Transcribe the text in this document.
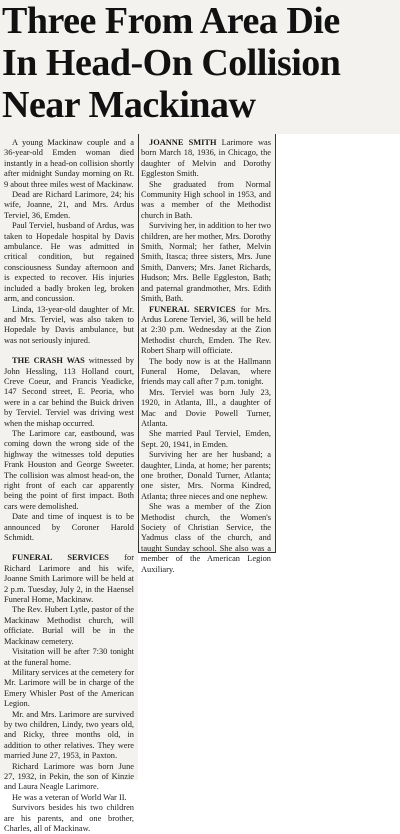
Three From Area Die
In Head-On Collision
Near Mackinaw

A young Mackinaw couple and a 36-year-old Emden woman died instantly in a head-on collision shortly after midnight Sunday morning on Rt. 9 about three miles west of Mackinaw.

Dead are Richard Larimore, 24; his wife, Joanne, 21, and Mrs. Ardus Terviel, 36, Emden.

Paul Terviel, husband of Ardus, was taken to Hopedale hospital by Davis ambulance. He was admitted in critical condition, but regained consciousness Sunday afternoon and is expected to recover. His injuries included a badly broken leg, broken arm, and concussion.

Linda, 13-year-old daughter of Mr. and Mrs. Terviel, was also taken to Hopedale by Davis ambulance, but was not seriously injured.

THE CRASH WAS witnessed by John Hessling, 113 Holland court, Creve Coeur, and Francis Yeadicke, 147 Second street, E. Peoria, who were in a car behind the Buick driven by Terviel. Terviel was driving west when the mishap occurred.

The Larimore car, eastbound, was coming down the wrong side of the highway the witnesses told deputies Frank Houston and George Sweeter. The collision was almost head-on, the right front of each car apparently being the point of first impact. Both cars were demolished.

Date and time of inquest is to be announced by Coroner Harold Schmidt.

FUNERAL SERVICES for Richard Larimore and his wife, Joanne Smith Larimore will be held at 2 p.m. Tuesday, July 2, in the Haensel Funeral Home, Mackinaw.

The Rev. Hubert Lytle, pastor of the Mackinaw Methodist church, will officiate. Burial will be in the Mackinaw cemetery.

Visitation will be after 7:30 tonight at the funeral home.

Military services at the cemetery for Mr. Larimore will be in charge of the Emery Whisler Post of the American Legion.

Mr. and Mrs. Larimore are survived by two children, Lindy, two years old, and Ricky, three months old, in addition to other relatives. They were married June 27, 1953, in Paxton.

Richard Larimore was born June 27, 1932, in Pekin, the son of Kinzie and Laura Neagle Larimore.

He was a veteran of World War II.

Survivors besides his two children are his parents, and one brother, Charles, all of Mackinaw.

JOANNE SMITH Larimore was born March 18, 1936, in Chicago, the daughter of Melvin and Dorothy Eggleston Smith.

She graduated from Normal Community High school in 1953, and was a member of the Methodist church in Bath.

Surviving her, in addition to her two children, are her mother, Mrs. Dorothy Smith, Normal; her father, Melvin Smith, Itasca; three sisters, Mrs. June Smith, Danvers; Mrs. Janet Richards, Hudson; Mrs. Belle Eggleston, Bath; and paternal grandmother, Mrs. Edith Smith, Bath.

FUNERAL SERVICES for Mrs. Ardus Lorene Terviel, 36, will be held at 2:30 p.m. Wednesday at the Zion Methodist church, Emden. The Rev. Robert Sharp will officiate.

The body now is at the Hallmann Funeral Home, Delavan, where friends may call after 7 p.m. tonight.

Mrs. Terviel was born July 23, 1920, in Atlanta, Ill., a daughter of Mac and Dovie Powell Turner, Atlanta.

She married Paul Terviel, Emden, Sept. 20, 1941, in Emden.

Surviving her are her husband; a daughter, Linda, at home; her parents; one brother, Donald Turner, Atlanta; one sister, Mrs. Norma Kindred, Atlanta; three nieces and one nephew.

She was a member of the Zion Methodist church, the Women's Society of Christian Service, the Yadmus class of the church, and taught Sunday school. She also was a member of the American Legion Auxiliary.
